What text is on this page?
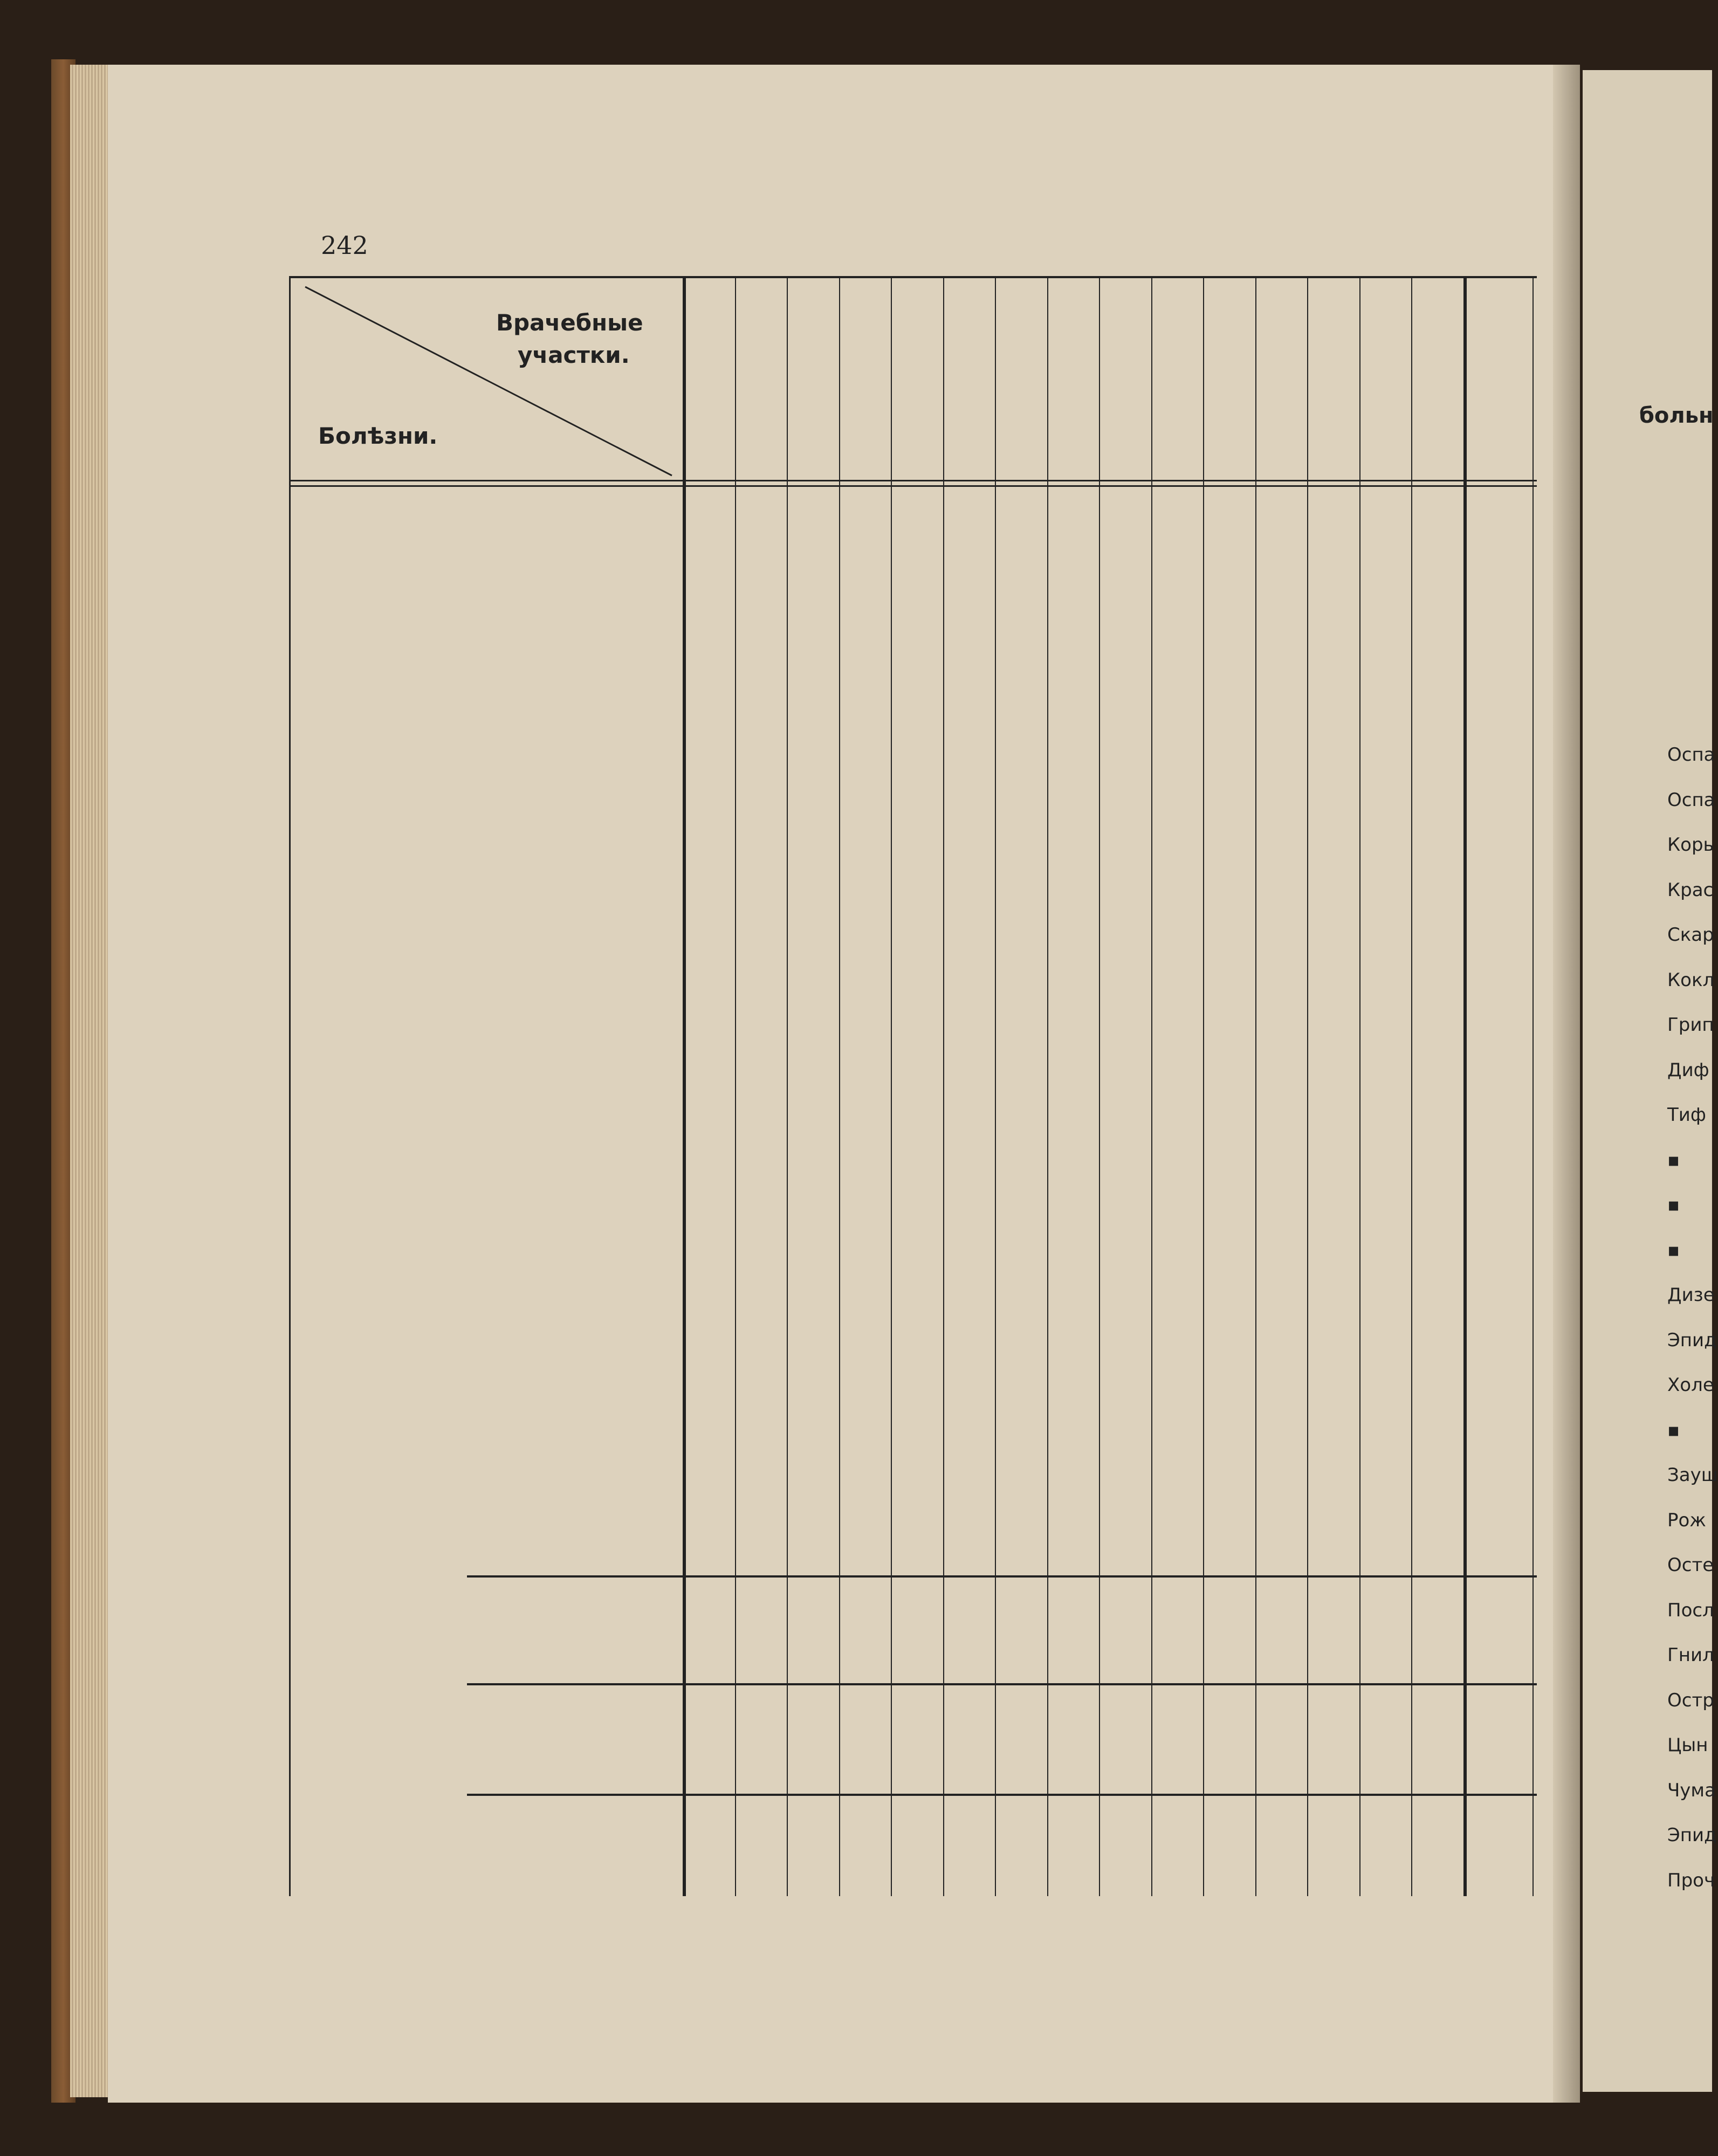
242
Врачебные
участки.
Болѣзни.
больн
Оспа
Оспа
Корь
Крас
Скар
Кокл
Грип
Диф
Тиф
▪
▪
▪
Дизе
Эпид
Холе
▪
Зауш
Рож
Осте
Посл
Гнил
Остр
Цын
Чума
Эпид
Проч
